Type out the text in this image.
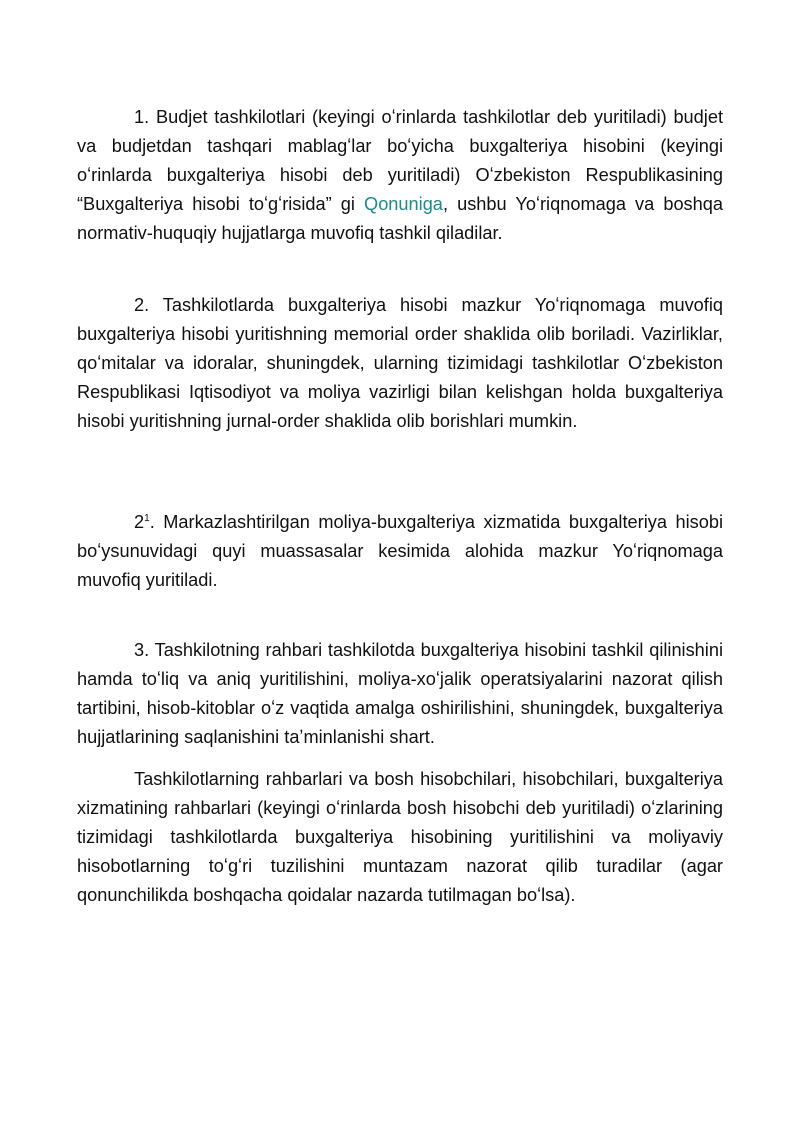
1. Budjet tashkilotlari (keyingi oʻrinlarda tashkilotlar deb yuritiladi) budjet va budjetdan tashqari mablagʻlar boʻyicha buxgalteriya hisobini (keyingi oʻrinlarda buxgalteriya hisobi deb yuritiladi) Oʻzbekiston Respublikasining “Buxgalteriya hisobi toʻgʻrisida” gi Qonuniga, ushbu Yoʻriqnomaga va boshqa normativ-huquqiy hujjatlarga muvofiq tashkil qiladilar.

2. Tashkilotlarda buxgalteriya hisobi mazkur Yoʻriqnomaga muvofiq buxgalteriya hisobi yuritishning memorial order shaklida olib boriladi. Vazirliklar, qoʻmitalar va idoralar, shuningdek, ularning tizimidagi tashkilotlar Oʻzbekiston Respublikasi Iqtisodiyot va moliya vazirligi bilan kelishgan holda buxgalteriya hisobi yuritishning jurnal-order shaklida olib borishlari mumkin.

$2^1$. Markazlashtirilgan moliya-buxgalteriya xizmatida buxgalteriya hisobi boʻysunuvidagi quyi muassasalar kesimida alohida mazkur Yoʻriqnomaga muvofiq yuritiladi.

3. Tashkilotning rahbari tashkilotda buxgalteriya hisobini tashkil qilinishini hamda toʻliq va aniq yuritilishini, moliya-xoʻjalik operatsiyalarini nazorat qilish tartibini, hisob-kitoblar oʻz vaqtida amalga oshirilishini, shuningdek, buxgalteriya hujjatlarining saqlanishini taʼminlanishi shart.

Tashkilotlarning rahbarlari va bosh hisobchilari, hisobchilari, buxgalteriya xizmatining rahbarlari (keyingi oʻrinlarda bosh hisobchi deb yuritiladi) oʻzlarining tizimidagi tashkilotlarda buxgalteriya hisobining yuritilishini va moliyaviy hisobotlarning toʻgʻri tuzilishini muntazam nazorat qilib turadilar (agar qonunchilikda boshqacha qoidalar nazarda tutilmagan boʻlsa).
